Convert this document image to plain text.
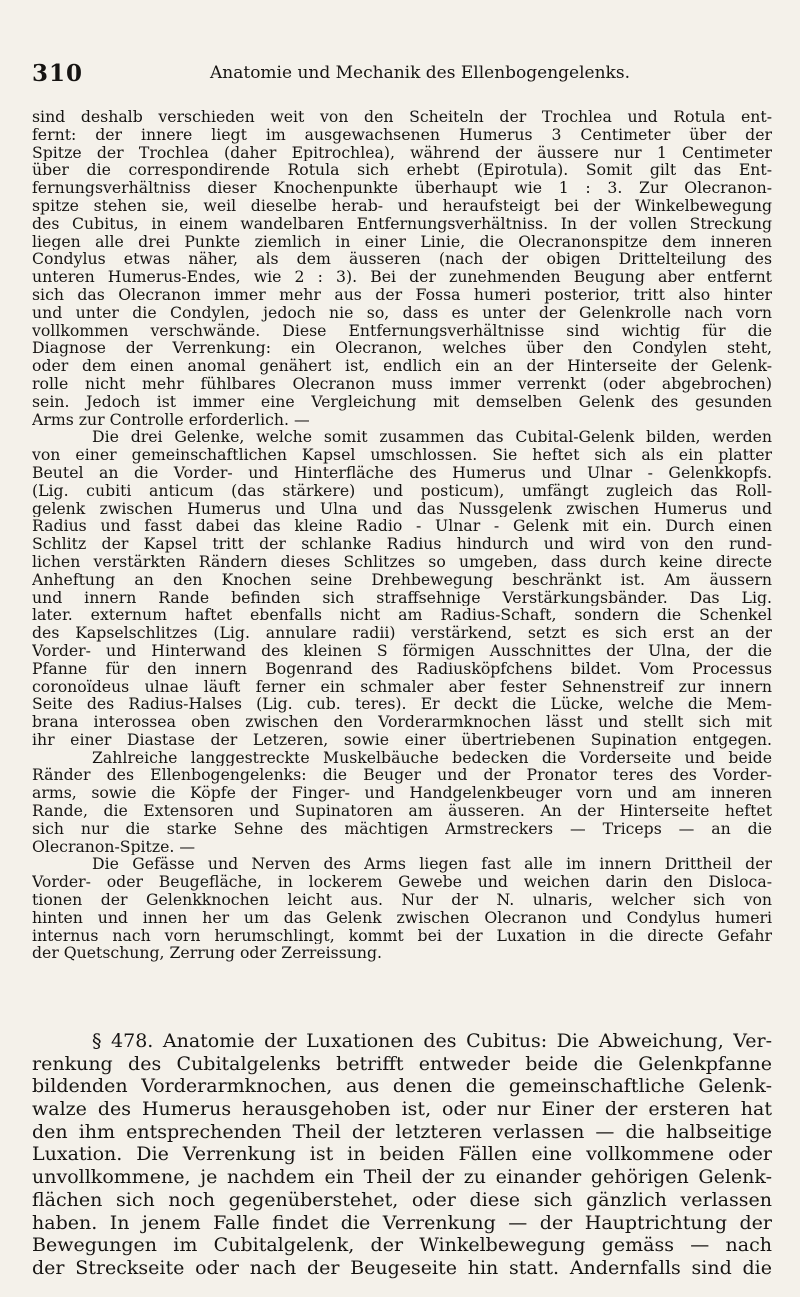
310	Anatomie und Mechanik des Ellenbogengelenks.
sind deshalb verschieden weit von den Scheiteln der Trochlea und Rotula ent-
fernt: der innere liegt im ausgewachsenen Humerus 3 Centimeter über der
Spitze der Trochlea (daher Epitrochlea), während der äussere nur 1 Centimeter
über die correspondirende Rotula sich erhebt (Epirotula). Somit gilt das Ent-
fernungsverhältniss dieser Knochenpunkte überhaupt wie 1 : 3. Zur Olecranon-
spitze stehen sie, weil dieselbe herab- und heraufsteigt bei der Winkelbewegung
des Cubitus, in einem wandelbaren Entfernungsverhältniss. In der vollen Streckung
liegen alle drei Punkte ziemlich in einer Linie, die Olecranonspitze dem inneren
Condylus etwas näher, als dem äusseren (nach der obigen Drittelteilung des
unteren Humerus-Endes, wie 2 : 3). Bei der zunehmenden Beugung aber entfernt
sich das Olecranon immer mehr aus der Fossa humeri posterior, tritt also hinter
und unter die Condylen, jedoch nie so, dass es unter der Gelenkrolle nach vorn
vollkommen verschwände. Diese Entfernungsverhältnisse sind wichtig für die
Diagnose der Verrenkung: ein Olecranon, welches über den Condylen steht,
oder dem einen anomal genähert ist, endlich ein an der Hinterseite der Gelenk-
rolle nicht mehr fühlbares Olecranon muss immer verrenkt (oder abgebrochen)
sein. Jedoch ist immer eine Vergleichung mit demselben Gelenk des gesunden
Arms zur Controlle erforderlich. —
Die drei Gelenke, welche somit zusammen das Cubital-Gelenk bilden, werden
von einer gemeinschaftlichen Kapsel umschlossen. Sie heftet sich als ein platter
Beutel an die Vorder- und Hinterfläche des Humerus und Ulnar - Gelenkkopfs.
(Lig. cubiti anticum (das stärkere) und posticum), umfängt zugleich das Roll-
gelenk zwischen Humerus und Ulna und das Nussgelenk zwischen Humerus und
Radius und fasst dabei das kleine Radio - Ulnar - Gelenk mit ein. Durch einen
Schlitz der Kapsel tritt der schlanke Radius hindurch und wird von den rund-
lichen verstärkten Rändern dieses Schlitzes so umgeben, dass durch keine directe
Anheftung an den Knochen seine Drehbewegung beschränkt ist. Am äussern
und innern Rande befinden sich straffsehnige Verstärkungsbänder. Das Lig.
later. externum haftet ebenfalls nicht am Radius-Schaft, sondern die Schenkel
des Kapselschlitzes (Lig. annulare radii) verstärkend, setzt es sich erst an der
Vorder- und Hinterwand des kleinen S förmigen Ausschnittes der Ulna, der die
Pfanne für den innern Bogenrand des Radiusköpfchens bildet. Vom Processus
coronoïdeus ulnae läuft ferner ein schmaler aber fester Sehnenstreif zur innern
Seite des Radius-Halses (Lig. cub. teres). Er deckt die Lücke, welche die Mem-
brana interossea oben zwischen den Vorderarmknochen lässt und stellt sich mit
ihr einer Diastase der Letzeren, sowie einer übertriebenen Supination entgegen.
Zahlreiche langgestreckte Muskelbäuche bedecken die Vorderseite und beide
Ränder des Ellenbogengelenks: die Beuger und der Pronator teres des Vorder-
arms, sowie die Köpfe der Finger- und Handgelenkbeuger vorn und am inneren
Rande, die Extensoren und Supinatoren am äusseren. An der Hinterseite heftet
sich nur die starke Sehne des mächtigen Armstreckers — Triceps — an die
Olecranon-Spitze. —
Die Gefässe und Nerven des Arms liegen fast alle im innern Drittheil der
Vorder- oder Beugefläche, in lockerem Gewebe und weichen darin den Disloca-
tionen der Gelenkknochen leicht aus. Nur der N. ulnaris, welcher sich von
hinten und innen her um das Gelenk zwischen Olecranon und Condylus humeri
internus nach vorn herumschlingt, kommt bei der Luxation in die directe Gefahr
der Quetschung, Zerrung oder Zerreissung.
§ 478. Anatomie der Luxationen des Cubitus: Die Abweichung, Ver-
renkung des Cubitalgelenks betrifft entweder beide die Gelenkpfanne
bildenden Vorderarmknochen, aus denen die gemeinschaftliche Gelenk-
walze des Humerus herausgehoben ist, oder nur Einer der ersteren hat
den ihm entsprechenden Theil der letzteren verlassen — die halbseitige
Luxation. Die Verrenkung ist in beiden Fällen eine vollkommene oder
unvollkommene, je nachdem ein Theil der zu einander gehörigen Gelenk-
flächen sich noch gegenüberstehet, oder diese sich gänzlich verlassen
haben. In jenem Falle findet die Verrenkung — der Hauptrichtung der
Bewegungen im Cubitalgelenk, der Winkelbewegung gemäss — nach
der Streckseite oder nach der Beugeseite hin statt. Andernfalls sind die
